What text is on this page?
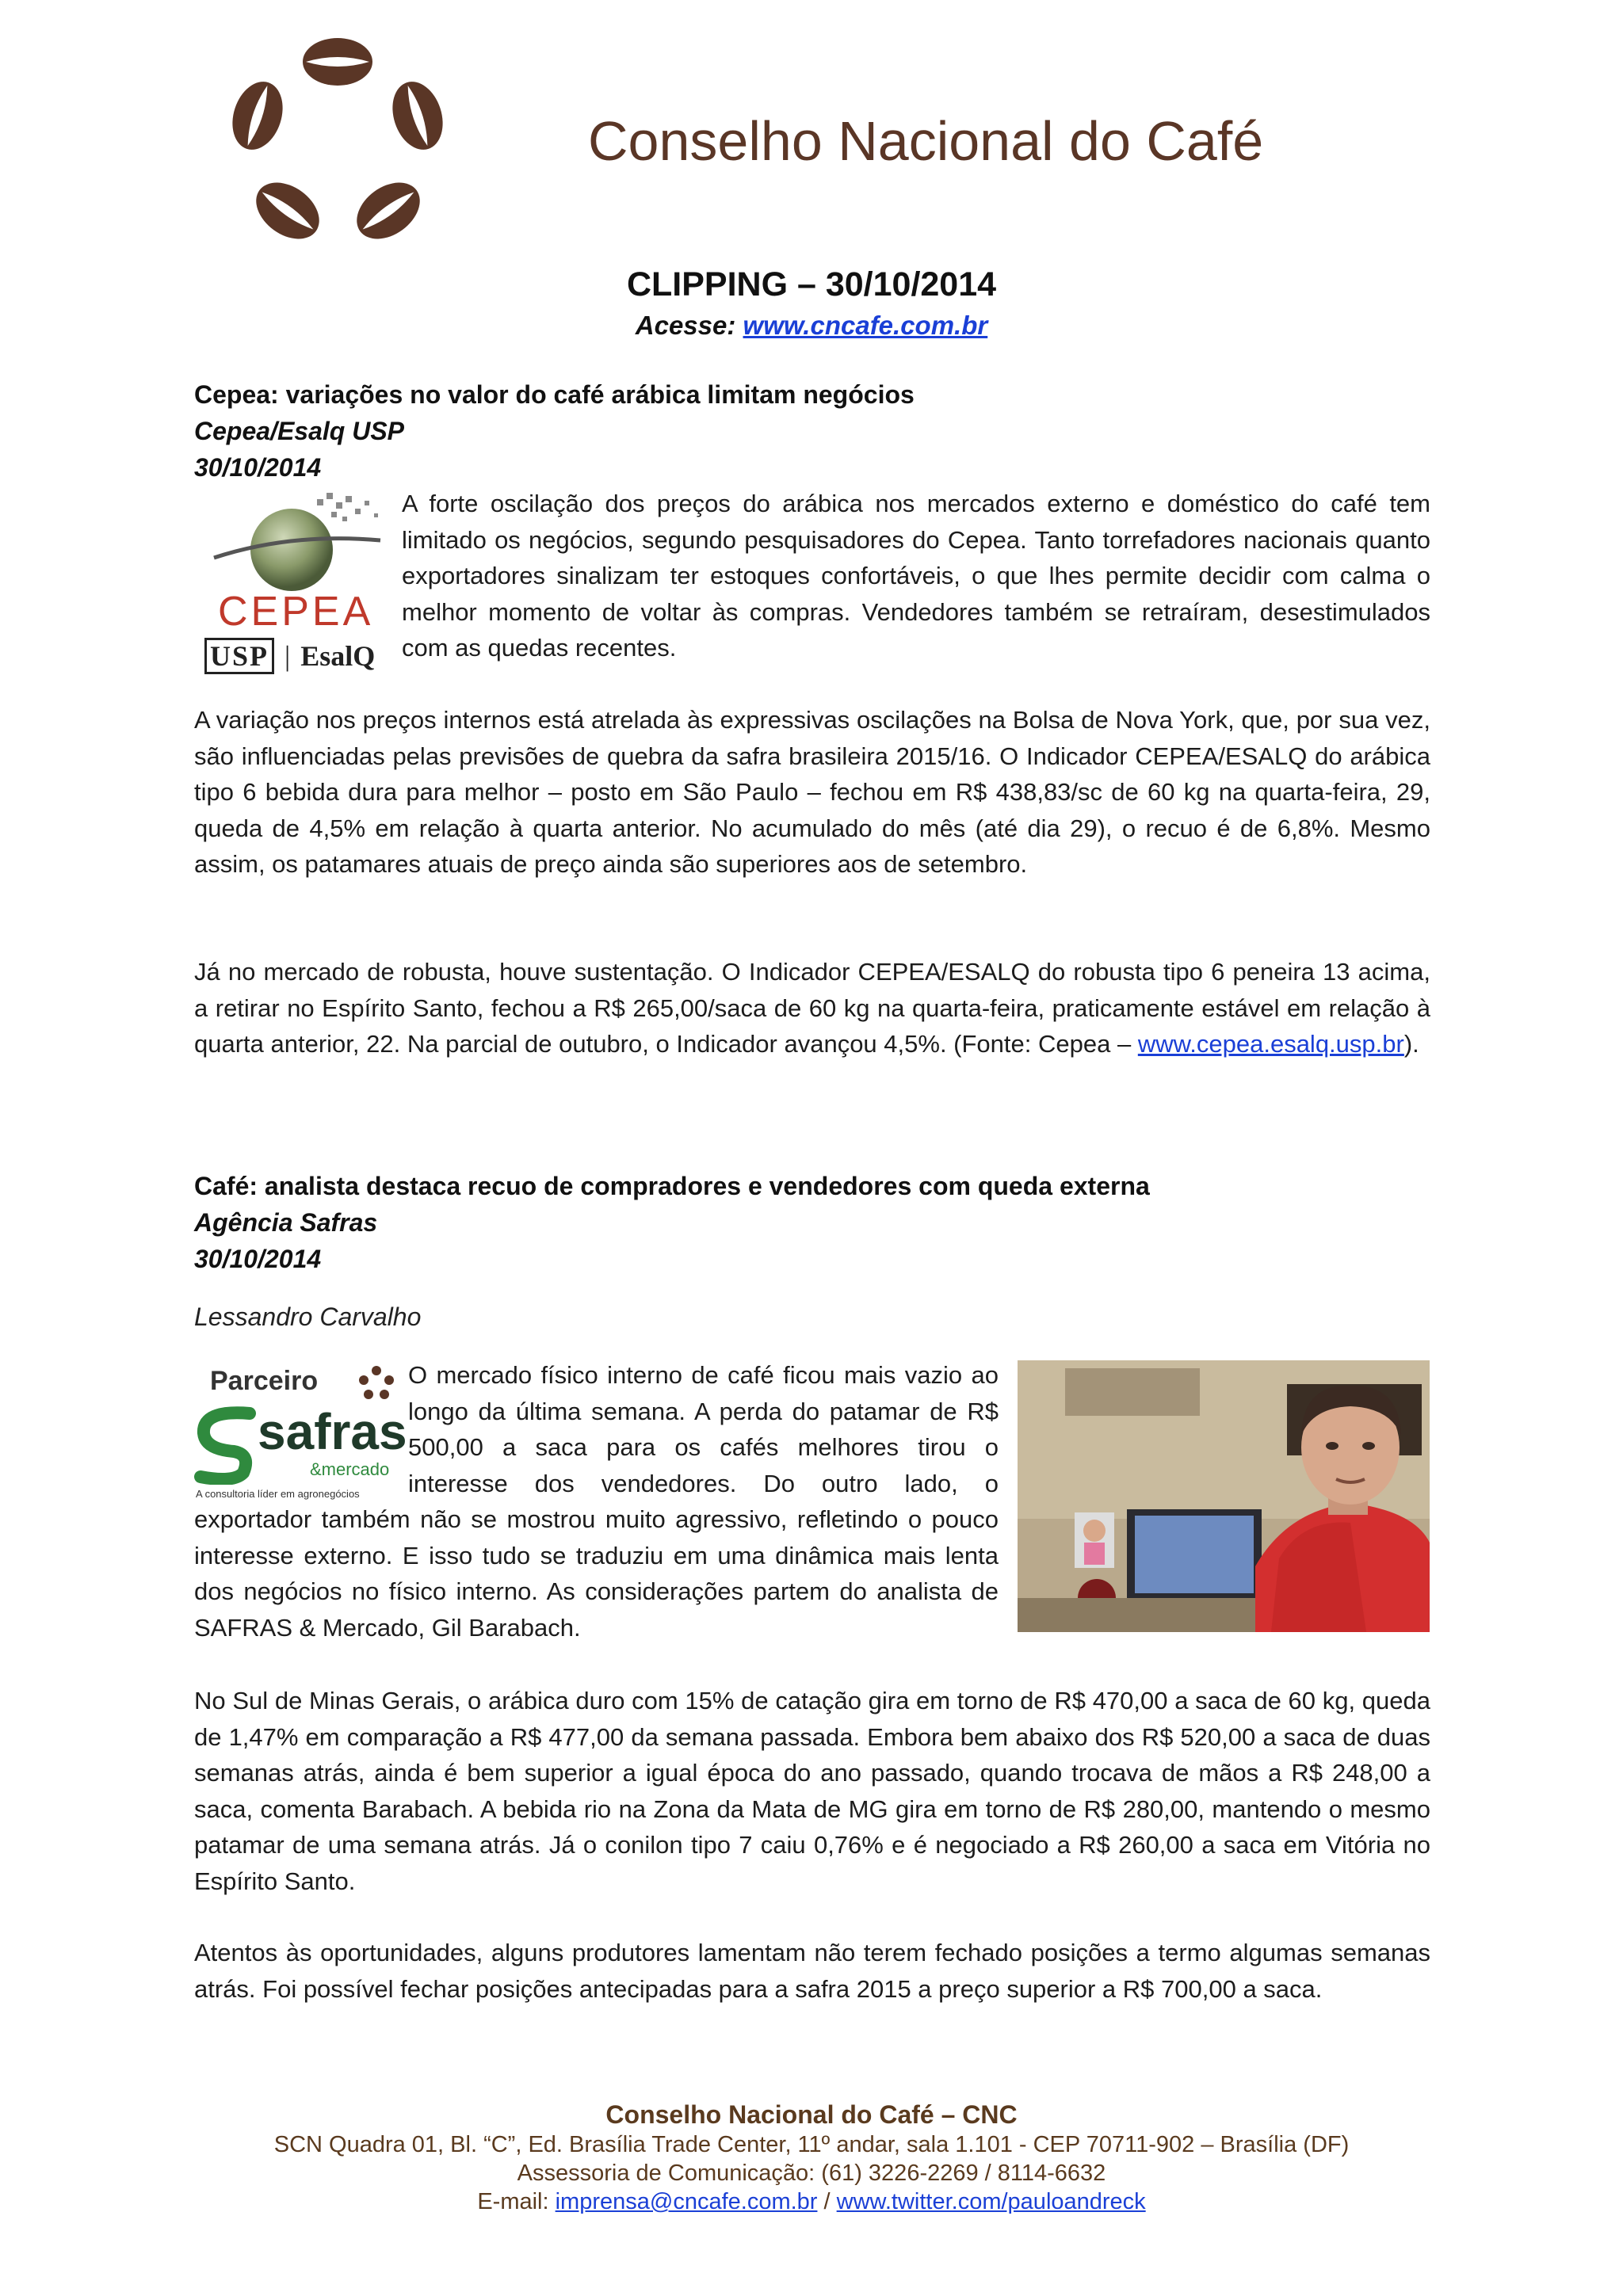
Conselho Nacional do Café
CLIPPING – 30/10/2014
Acesse: www.cncafe.com.br
Cepea: variações no valor do café arábica limitam negócios
Cepea/Esalq USP
30/10/2014
CEPEA
USP | EsalQ
A forte oscilação dos preços do arábica nos mercados externo e doméstico do café tem limitado os negócios, segundo pesquisadores do Cepea. Tanto torrefadores nacionais quanto exportadores sinalizam ter estoques confortáveis, o que lhes permite decidir com calma o melhor momento de voltar às compras. Vendedores também se retraíram, desestimulados com as quedas recentes.
A variação nos preços internos está atrelada às expressivas oscilações na Bolsa de Nova York, que, por sua vez, são influenciadas pelas previsões de quebra da safra brasileira 2015/16. O Indicador CEPEA/ESALQ do arábica tipo 6 bebida dura para melhor – posto em São Paulo – fechou em R$ 438,83/sc de 60 kg na quarta-feira, 29, queda de 4,5% em relação à quarta anterior. No acumulado do mês (até dia 29), o recuo é de 6,8%. Mesmo assim, os patamares atuais de preço ainda são superiores aos de setembro.
Já no mercado de robusta, houve sustentação. O Indicador CEPEA/ESALQ do robusta tipo 6 peneira 13 acima, a retirar no Espírito Santo, fechou a R$ 265,00/saca de 60 kg na quarta-feira, praticamente estável em relação à quarta anterior, 22. Na parcial de outubro, o Indicador avançou 4,5%. (Fonte: Cepea – www.cepea.esalq.usp.br).
Café: analista destaca recuo de compradores e vendedores com queda externa
Agência Safras
30/10/2014
Lessandro Carvalho
Parceiro
safras
&mercado
A consultoria líder em agronegócios
O mercado físico interno de café ficou mais vazio ao longo da última semana. A perda do patamar de R$ 500,00 a saca para os cafés melhores tirou o interesse dos vendedores. Do outro lado, o exportador também não se mostrou muito agressivo, refletindo o pouco interesse externo. E isso tudo se traduziu em uma dinâmica mais lenta dos negócios no físico interno. As considerações partem do analista de SAFRAS & Mercado, Gil Barabach.
No Sul de Minas Gerais, o arábica duro com 15% de catação gira em torno de R$ 470,00 a saca de 60 kg, queda de 1,47% em comparação a R$ 477,00 da semana passada. Embora bem abaixo dos R$ 520,00 a saca de duas semanas atrás, ainda é bem superior a igual época do ano passado, quando trocava de mãos a R$ 248,00 a saca, comenta Barabach. A bebida rio na Zona da Mata de MG gira em torno de R$ 280,00, mantendo o mesmo patamar de uma semana atrás. Já o conilon tipo 7 caiu 0,76% e é negociado a R$ 260,00 a saca em Vitória no Espírito Santo.
Atentos às oportunidades, alguns produtores lamentam não terem fechado posições a termo algumas semanas atrás. Foi possível fechar posições antecipadas para a safra 2015 a preço superior a R$ 700,00 a saca.
Conselho Nacional do Café – CNC
SCN Quadra 01, Bl. “C”, Ed. Brasília Trade Center, 11º andar, sala 1.101 - CEP 70711-902 – Brasília (DF)
Assessoria de Comunicação: (61) 3226-2269 / 8114-6632
E-mail: imprensa@cncafe.com.br / www.twitter.com/pauloandreck
